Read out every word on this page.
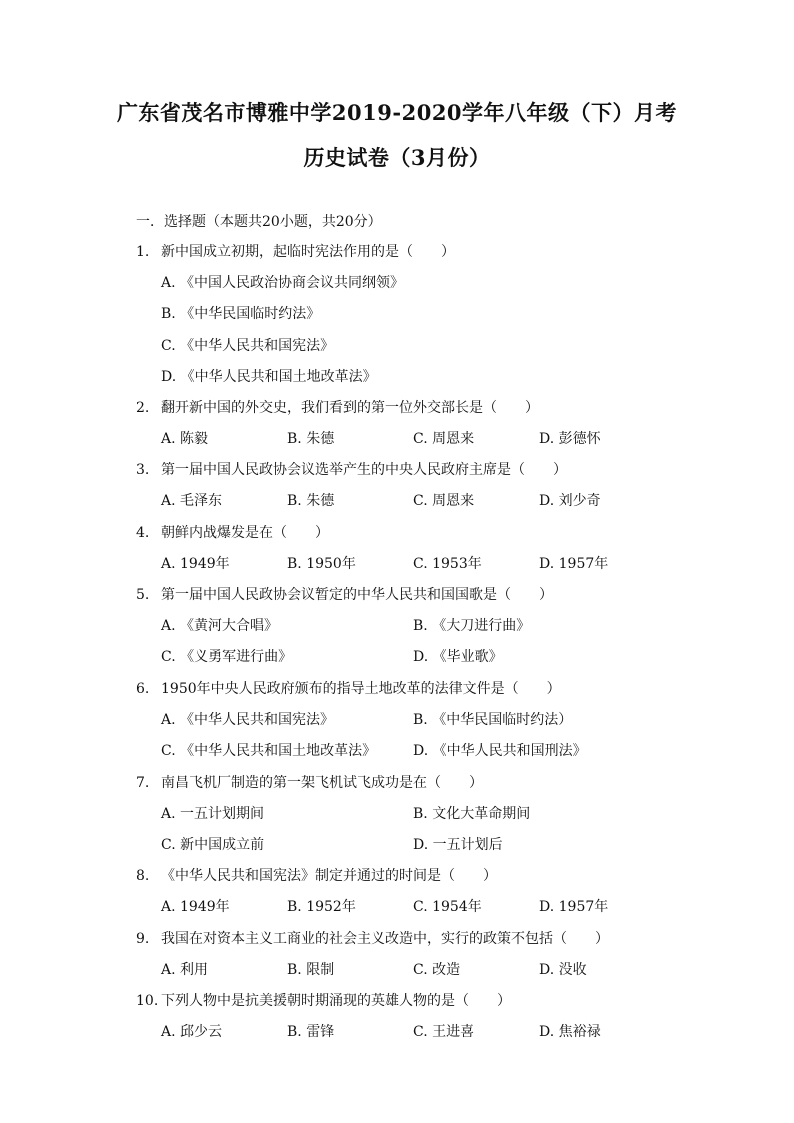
广东省茂名市博雅中学2019-2020学年八年级（下）月考
历史试卷（3月份）
一．选择题（本题共20小题，共20分）
1. 新中国成立初期，起临时宪法作用的是（　　）
A. 《中国人民政治协商会议共同纲领》
B. 《中华民国临时约法》
C. 《中华人民共和国宪法》
D. 《中华人民共和国土地改革法》
2. 翻开新中国的外交史，我们看到的第一位外交部长是（　　）
A. 陈毅	B. 朱德	C. 周恩来	D. 彭德怀
3. 第一届中国人民政协会议选举产生的中央人民政府主席是（　　）
A. 毛泽东	B. 朱德	C. 周恩来	D. 刘少奇
4. 朝鲜内战爆发是在（　　）
A. 1949年	B. 1950年	C. 1953年	D. 1957年
5. 第一届中国人民政协会议暂定的中华人民共和国国歌是（　　）
A. 《黄河大合唱》	B. 《大刀进行曲》
C. 《义勇军进行曲》	D. 《毕业歌》
6. 1950年中央人民政府颁布的指导土地改革的法律文件是（　　）
A. 《中华人民共和国宪法》	B. 《中华民国临时约法）
C. 《中华人民共和国土地改革法》	D. 《中华人民共和国刑法》
7. 南昌飞机厂制造的第一架飞机试飞成功是在（　　）
A. 一五计划期间	B. 文化大革命期间
C. 新中国成立前	D. 一五计划后
8. 《中华人民共和国宪法》制定并通过的时间是（　　）
A. 1949年	B. 1952年	C. 1954年	D. 1957年
9. 我国在对资本主义工商业的社会主义改造中，实行的政策不包括（　　）
A. 利用	B. 限制	C. 改造	D. 没收
10. 下列人物中是抗美援朝时期涌现的英雄人物的是（　　）
A. 邱少云	B. 雷锋	C. 王进喜	D. 焦裕禄
